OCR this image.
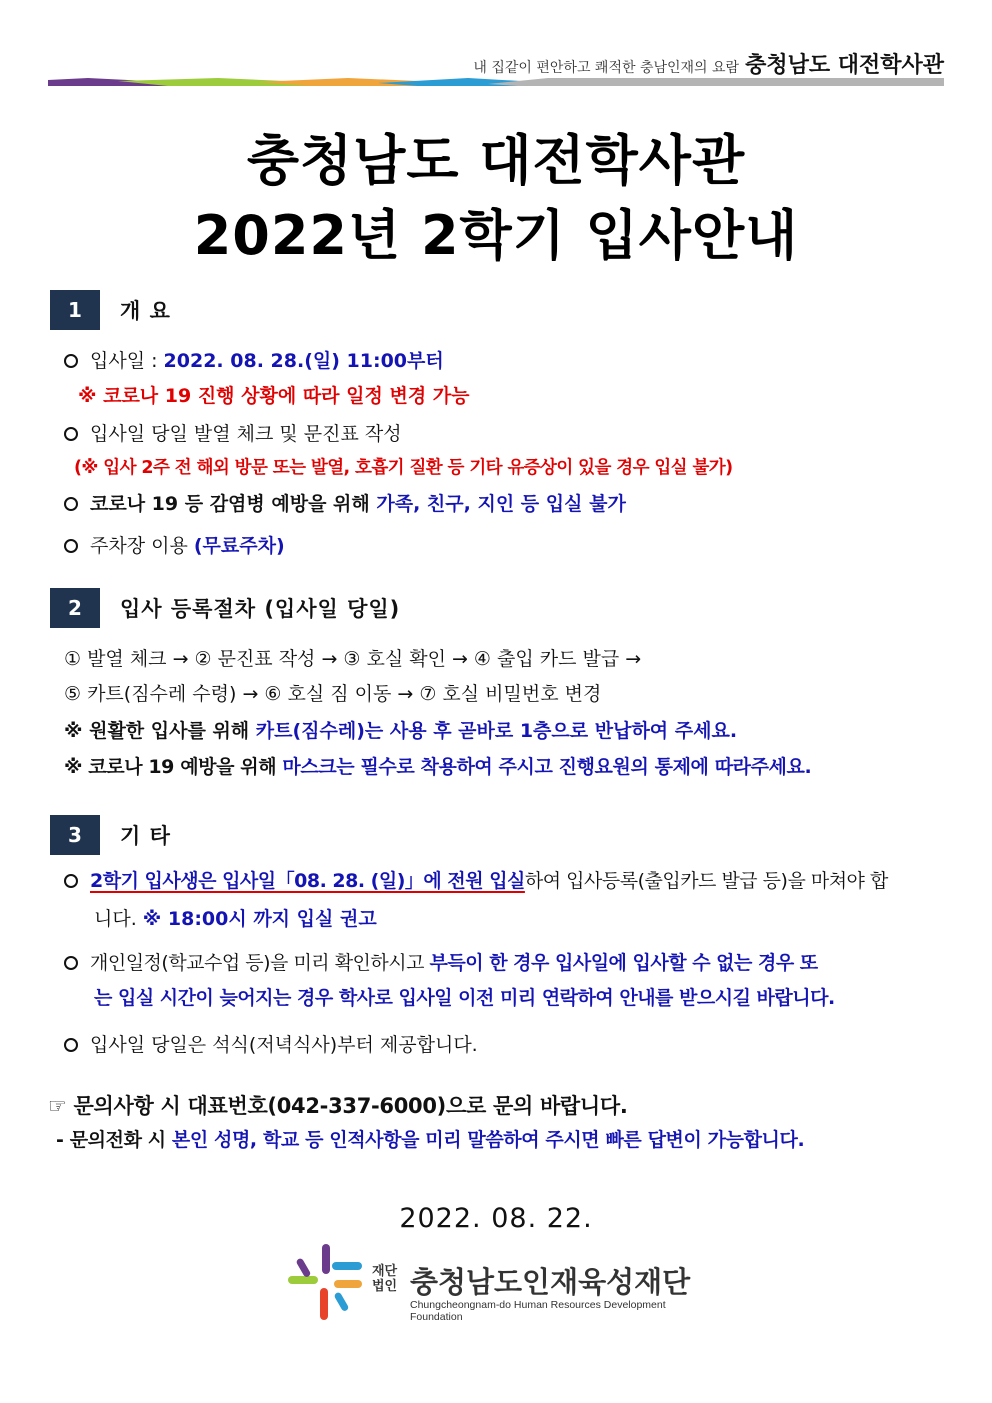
내 집같이 편안하고 쾌적한 충남인재의 요람 충청남도 대전학사관
충청남도 대전학사관
2022년 2학기 입사안내
1	개 요
입사일 : 2022. 08. 28.(일) 11:00부터
※ 코로나 19 진행 상황에 따라 일정 변경 가능
입사일 당일 발열 체크 및 문진표 작성
(※ 입사 2주 전 해외 방문 또는 발열, 호흡기 질환 등 기타 유증상이 있을 경우 입실 불가)
코로나 19 등 감염병 예방을 위해 가족, 친구, 지인 등 입실 불가
주차장 이용 (무료주차)
2	입사 등록절차 (입사일 당일)
① 발열 체크 → ② 문진표 작성 → ③ 호실 확인 → ④ 출입 카드 발급 →
⑤ 카트(짐수레 수령) → ⑥ 호실 짐 이동 → ⑦ 호실 비밀번호 변경
※ 원활한 입사를 위해 카트(짐수레)는 사용 후 곧바로 1층으로 반납하여 주세요.
※ 코로나 19 예방을 위해 마스크는 필수로 착용하여 주시고 진행요원의 통제에 따라주세요.
3	기 타
2학기 입사생은 입사일「08. 28. (일)」에 전원 입실하여 입사등록(출입카드 발급 등)을 마쳐야 합
니다. ※ 18:00시 까지 입실 권고
개인일정(학교수업 등)을 미리 확인하시고 부득이 한 경우 입사일에 입사할 수 없는 경우 또
는 입실 시간이 늦어지는 경우 학사로 입사일 이전 미리 연락하여 안내를 받으시길 바랍니다.
입사일 당일은 석식(저녁식사)부터 제공합니다.
☞ 문의사항 시 대표번호(042-337-6000)으로 문의 바랍니다.
- 문의전화 시 본인 성명, 학교 등 인적사항을 미리 말씀하여 주시면 빠른 답변이 가능합니다.
2022. 08. 22.
재단
법인 충청남도인재육성재단
Chungcheongnam-do Human Resources Development Foundation
